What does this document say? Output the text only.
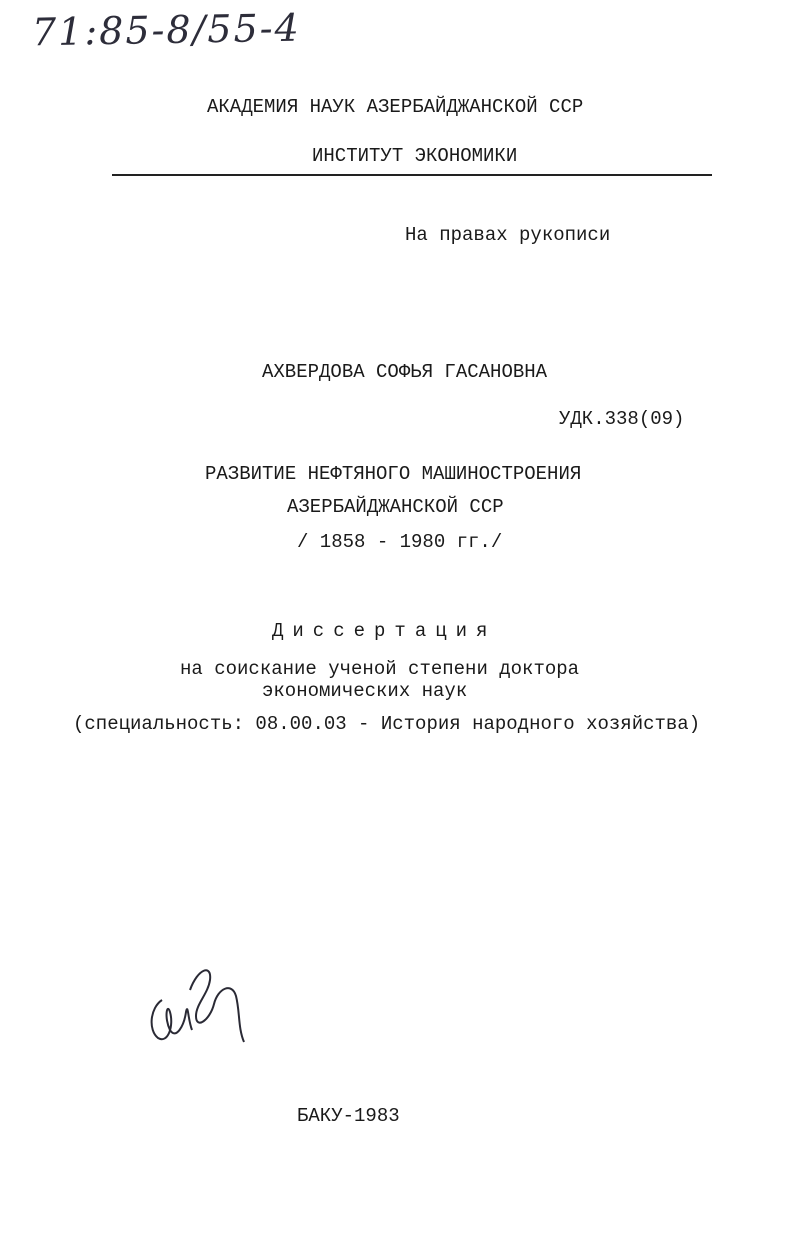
71:85-8/55-4
АКАДЕМИЯ НАУК АЗЕРБАЙДЖАНСКОЙ ССР
ИНСТИТУТ ЭКОНОМИКИ
На правах рукописи
АХВЕРДОВА СОФЬЯ ГАСАНОВНА
УДК.338(09)
РАЗВИТИЕ НЕФТЯНОГО МАШИНОСТРОЕНИЯ
АЗЕРБАЙДЖАНСКОЙ ССР
/ 1858 - 1980 гг./
Диссертация
на соискание ученой степени доктора
экономических наук
(специальность: 08.00.03 - История народного хозяйства)
БАКУ-1983
